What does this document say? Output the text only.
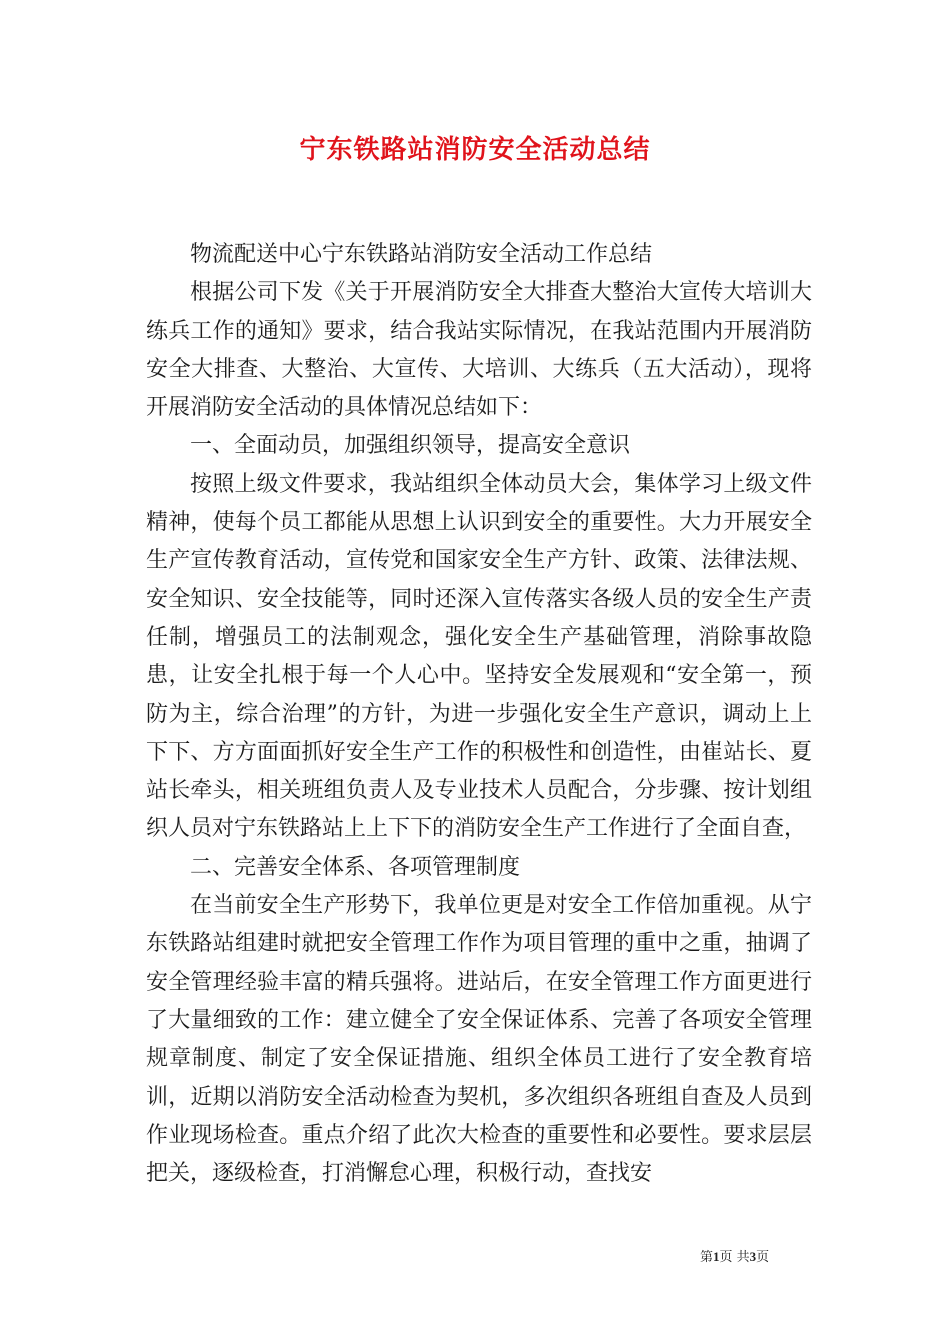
宁东铁路站消防安全活动总结

物流配送中心宁东铁路站消防安全活动工作总结

根据公司下发《关于开展消防安全大排查大整治大宣传大培训大练兵工作的通知》要求，结合我站实际情况，在我站范围内开展消防安全大排查、大整治、大宣传、大培训、大练兵（五大活动），现将开展消防安全活动的具体情况总结如下：

一、全面动员，加强组织领导，提高安全意识

按照上级文件要求，我站组织全体动员大会，集体学习上级文件精神，使每个员工都能从思想上认识到安全的重要性。大力开展安全生产宣传教育活动，宣传党和国家安全生产方针、政策、法律法规、安全知识、安全技能等，同时还深入宣传落实各级人员的安全生产责任制，增强员工的法制观念，强化安全生产基础管理，消除事故隐患，让安全扎根于每一个人心中。坚持安全发展观和“安全第一，预防为主，综合治理”的方针，为进一步强化安全生产意识，调动上上下下、方方面面抓好安全生产工作的积极性和创造性，由崔站长、夏站长牵头，相关班组负责人及专业技术人员配合，分步骤、按计划组织人员对宁东铁路站上上下下的消防安全生产工作进行了全面自查，

二、完善安全体系、各项管理制度

在当前安全生产形势下，我单位更是对安全工作倍加重视。从宁东铁路站组建时就把安全管理工作作为项目管理的重中之重，抽调了安全管理经验丰富的精兵强将。进站后，在安全管理工作方面更进行了大量细致的工作：建立健全了安全保证体系、完善了各项安全管理规章制度、制定了安全保证措施、组织全体员工进行了安全教育培训，近期以消防安全活动检查为契机，多次组织各班组自查及人员到作业现场检查。重点介绍了此次大检查的重要性和必要性。要求层层把关，逐级检查，打消懈怠心理，积极行动，查找安

第1页 共3页
